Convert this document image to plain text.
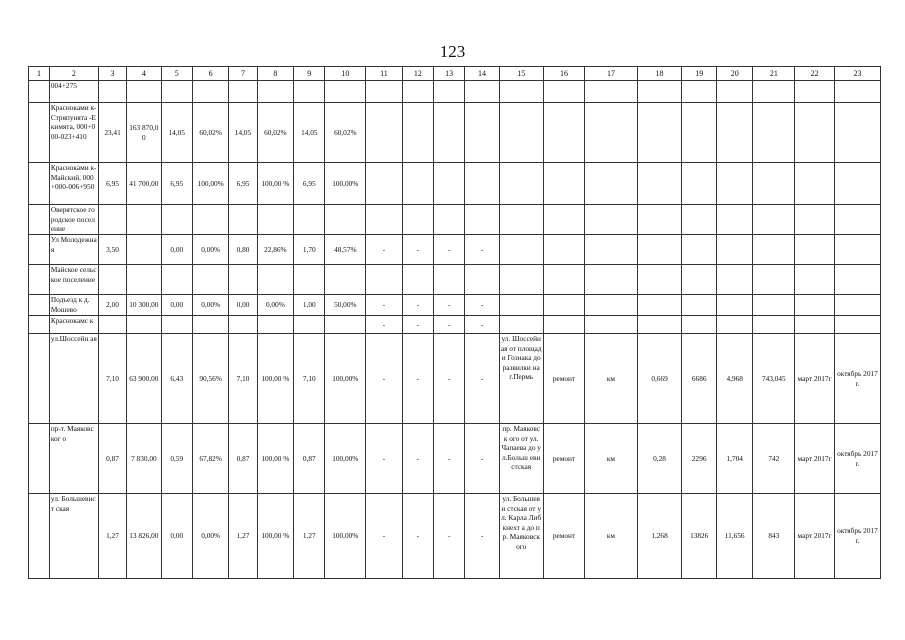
123
1	2	3	4	5	6	7	8	9	10	11	12	13	14	15	16	17	18	19	20	21	22	23
	004+275																					
	Красноками к-Стряпунята -Екимята, 000+000-023+410	23,41	163 870,00	14,05	60,02%	14,05	60,02%	14,05	60,02%													
	Красноками к-Майский, 000+000-006+950	6,95	41 700,00	6,95	100,00%	6,95	100,00 %	6,95	100,00%													
	Оверятское городское поселение																					
	Ул Молодежна я	3,50		0,00	0,00%	0,80	22,86%	1,70	48,57%	-	-	-	-									
	Майское сельское поселение																					
	Подъезд к д. Мошево	2,00	10 300,00	0,00	0,00%	0,00	0,00%	1,00	50,00%	-	-	-	-									
	Краснокамс к									-	-	-	-									
	ул.Шоссейн ая	7,10	63 900,00	6,43	90,56%	7,10	100,00 %	7,10	100,00%	-	-	-	-	ул. Шоссейн ая от площади Гознака до развилки на г.Пермь	ремонт	км	0,669	6686	4,968	743,045	март 2017г	октябрь 2017г.
	пр-т. Маяковског о	0,87	7 830,00	0,59	67,82%	0,87	100,00 %	0,87	100,00%	-	-	-	-	пр. Маяковск ого от ул. Чапаева до ул.Больш евистская	ремонт	км	0,28	2296	1,704	742	март 2017г	октябрь 2017г.
	ул. Большевист ская	1,27	13 826,00	0,00	0,00%	1,27	100,00 %	1,27	100,00%	-	-	-	-	ул. Большеви стская от ул. Карла Либкнехт а до пр. Маяковск ого	ремонт	км	1,268	13826	11,656	843	март 2017г	октябрь 2017г.
